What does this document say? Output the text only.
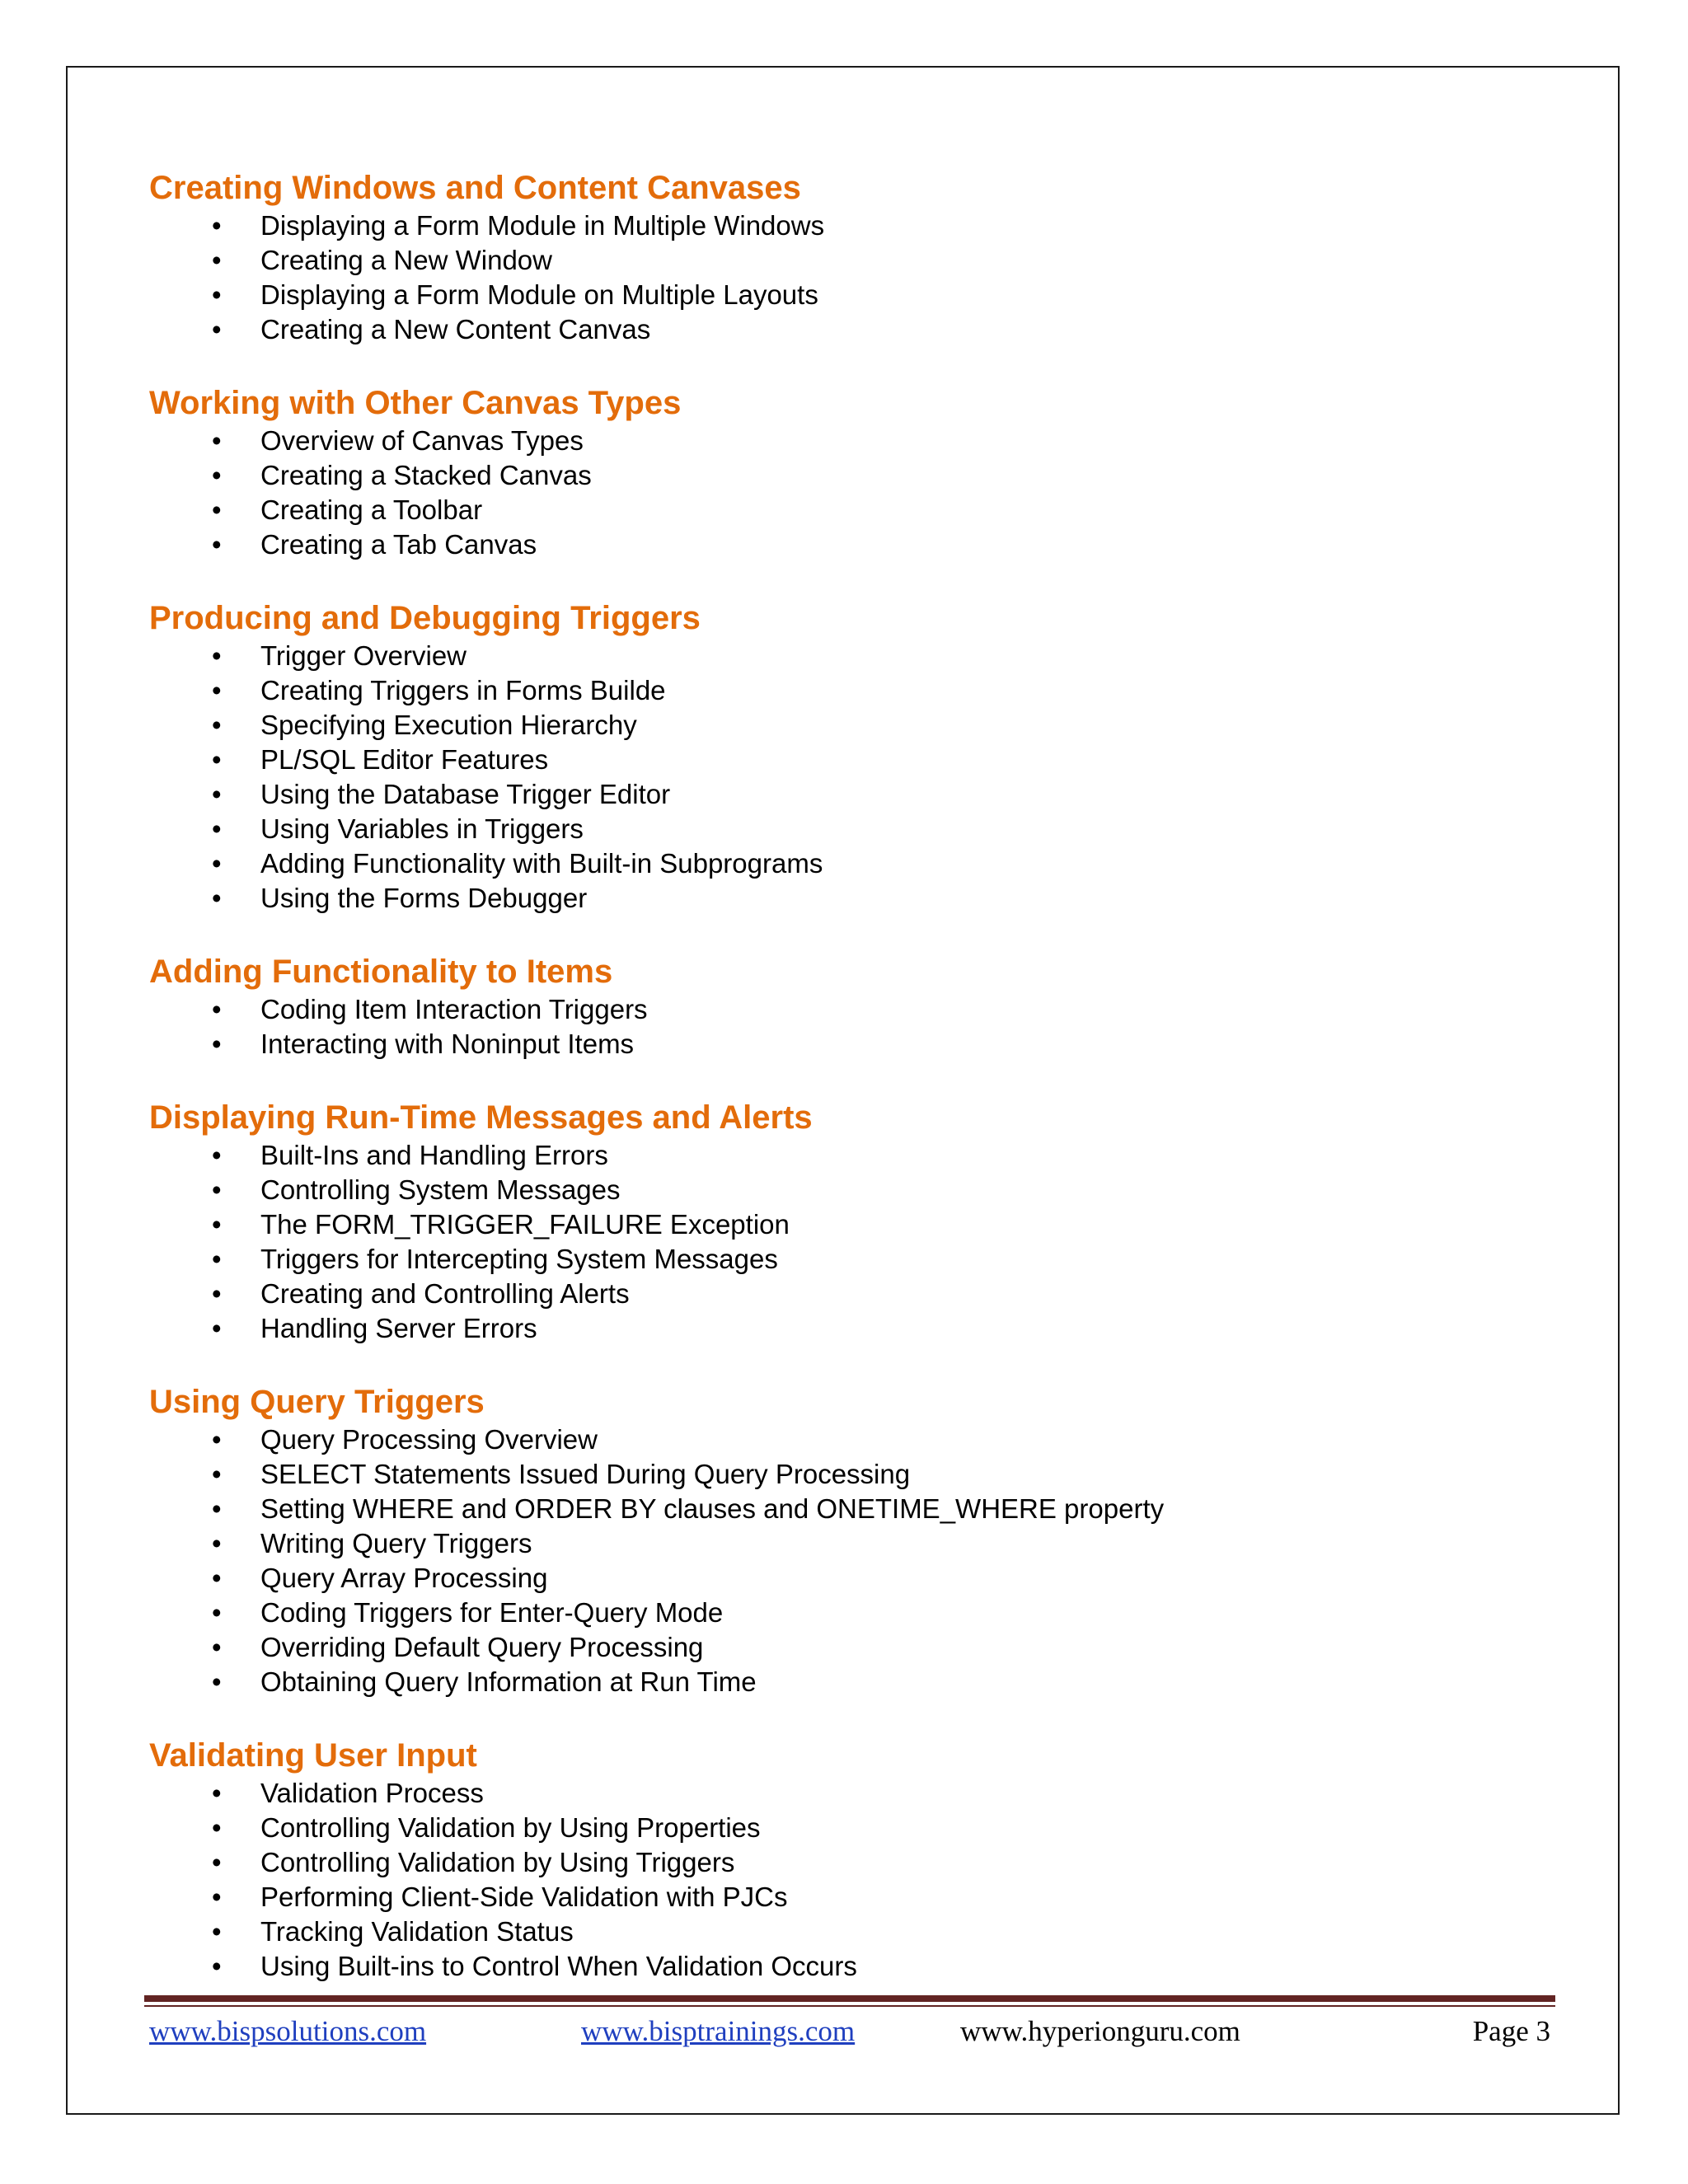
Creating Windows and Content Canvases
• Displaying a Form Module in Multiple Windows
• Creating a New Window
• Displaying a Form Module on Multiple Layouts
• Creating a New Content Canvas
Working with Other Canvas Types
• Overview of Canvas Types
• Creating a Stacked Canvas
• Creating a Toolbar
• Creating a Tab Canvas
Producing and Debugging Triggers
• Trigger Overview
• Creating Triggers in Forms Builde
• Specifying Execution Hierarchy
• PL/SQL Editor Features
• Using the Database Trigger Editor
• Using Variables in Triggers
• Adding Functionality with Built-in Subprograms
• Using the Forms Debugger
Adding Functionality to Items
• Coding Item Interaction Triggers
• Interacting with Noninput Items
Displaying Run-Time Messages and Alerts
• Built-Ins and Handling Errors
• Controlling System Messages
• The FORM_TRIGGER_FAILURE Exception
• Triggers for Intercepting System Messages
• Creating and Controlling Alerts
• Handling Server Errors
Using Query Triggers
• Query Processing Overview
• SELECT Statements Issued During Query Processing
• Setting WHERE and ORDER BY clauses and ONETIME_WHERE property
• Writing Query Triggers
• Query Array Processing
• Coding Triggers for Enter-Query Mode
• Overriding Default Query Processing
• Obtaining Query Information at Run Time
Validating User Input
• Validation Process
• Controlling Validation by Using Properties
• Controlling Validation by Using Triggers
• Performing Client-Side Validation with PJCs
• Tracking Validation Status
• Using Built-ins to Control When Validation Occurs
www.bispsolutions.com	www.bisptrainings.com	www.hyperionguru.com	Page 3
